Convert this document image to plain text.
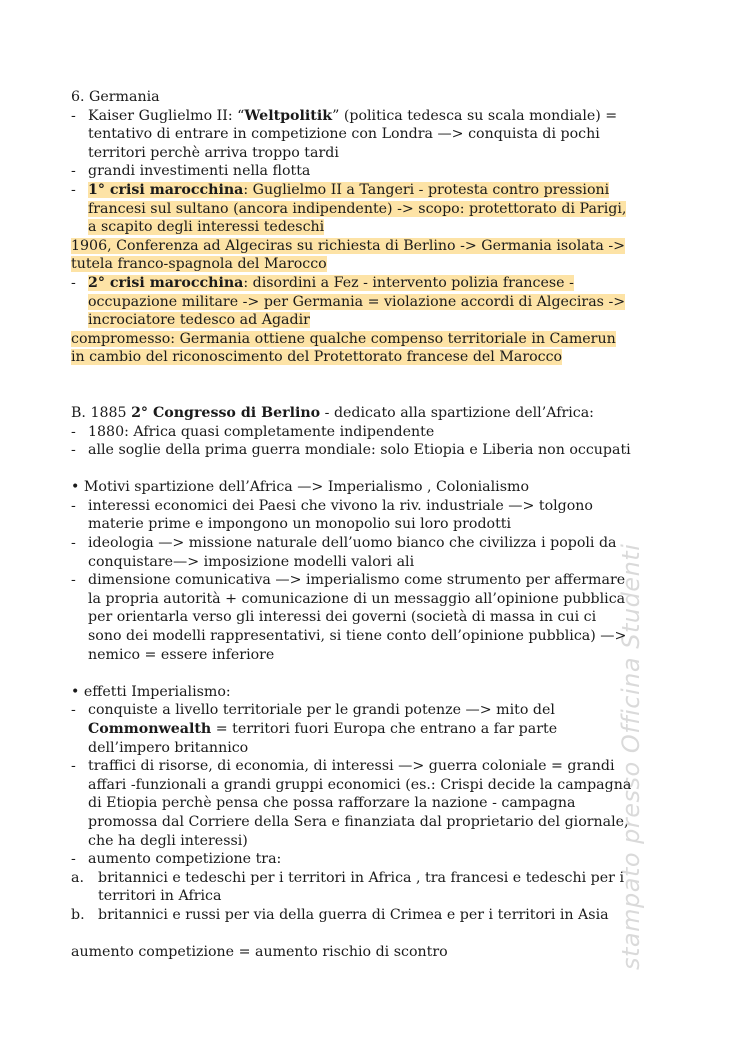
stampato presso Officina Studenti
6. Germania
- Kaiser Guglielmo II: “Weltpolitik” (politica tedesca su scala mondiale) =
tentativo di entrare in competizione con Londra —> conquista di pochi
territori perchè arriva troppo tardi
- grandi investimenti nella flotta
- 1° crisi marocchina: Guglielmo II a Tangeri - protesta contro pressioni
francesi sul sultano (ancora indipendente) -> scopo: protettorato di Parigi,
a scapito degli interessi tedeschi
1906, Conferenza ad Algeciras su richiesta di Berlino -> Germania isolata ->
tutela franco-spagnola del Marocco
- 2° crisi marocchina: disordini a Fez - intervento polizia francese -
occupazione militare -> per Germania = violazione accordi di Algeciras ->
incrociatore tedesco ad Agadir
compromesso: Germania ottiene qualche compenso territoriale in Camerun
in cambio del riconoscimento del Protettorato francese del Marocco
B. 1885 2° Congresso di Berlino - dedicato alla spartizione dell’Africa:
- 1880: Africa quasi completamente indipendente
- alle soglie della prima guerra mondiale: solo Etiopia e Liberia non occupati
• Motivi spartizione dell’Africa —> Imperialismo , Colonialismo
- interessi economici dei Paesi che vivono la riv. industriale —> tolgono
materie prime e impongono un monopolio sui loro prodotti
- ideologia —> missione naturale dell’uomo bianco che civilizza i popoli da
conquistare—> imposizione modelli valori ali
- dimensione comunicativa —> imperialismo come strumento per affermare
la propria autorità + comunicazione di un messaggio all’opinione pubblica
per orientarla verso gli interessi dei governi (società di massa in cui ci
sono dei modelli rappresentativi, si tiene conto dell’opinione pubblica) —>
nemico = essere inferiore
• effetti Imperialismo:
- conquiste a livello territoriale per le grandi potenze —> mito del
Commonwealth = territori fuori Europa che entrano a far parte
dell’impero britannico
- traffici di risorse, di economia, di interessi —> guerra coloniale = grandi
affari -funzionali a grandi gruppi economici (es.: Crispi decide la campagna
di Etiopia perchè pensa che possa rafforzare la nazione - campagna
promossa dal Corriere della Sera e finanziata dal proprietario del giornale,
che ha degli interessi)
- aumento competizione tra:
a. britannici e tedeschi per i territori in Africa , tra francesi e tedeschi per i
territori in Africa
b. britannici e russi per via della guerra di Crimea e per i territori in Asia
aumento competizione = aumento rischio di scontro
